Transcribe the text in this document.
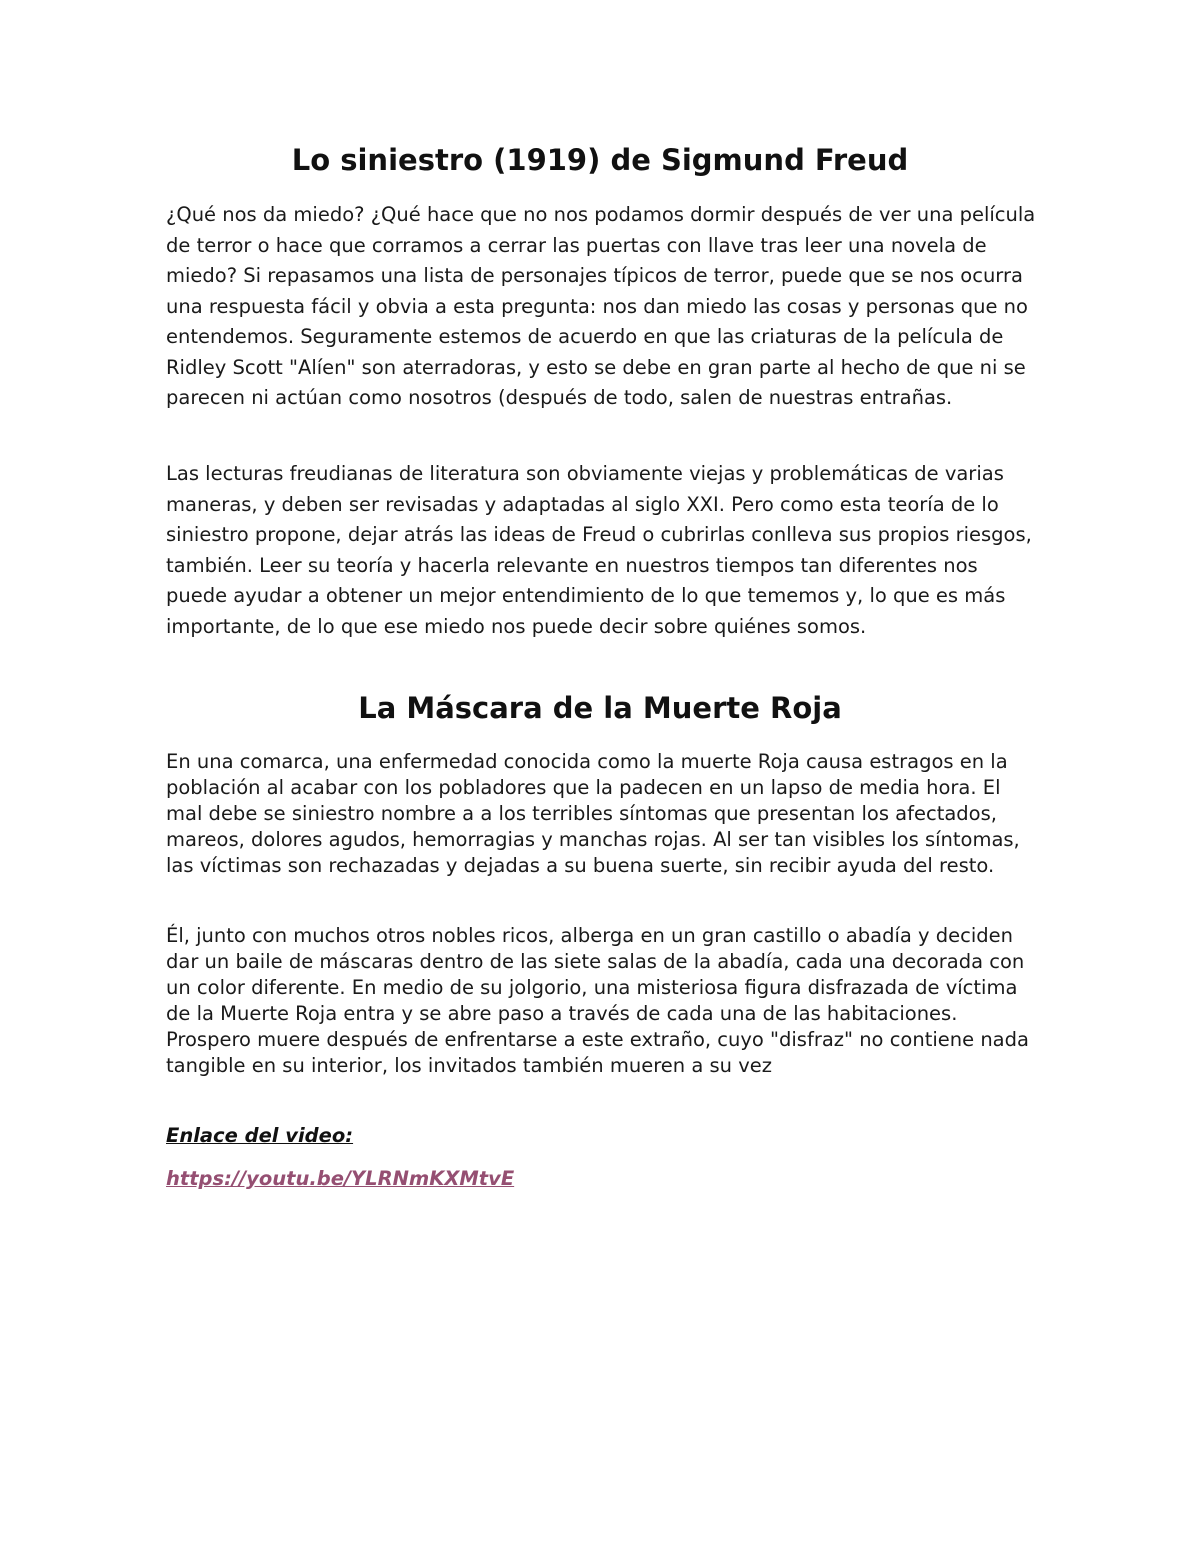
Lo siniestro (1919) de Sigmund Freud

¿Qué nos da miedo? ¿Qué hace que no nos podamos dormir después de ver una película de terror o hace que corramos a cerrar las puertas con llave tras leer una novela de miedo? Si repasamos una lista de personajes típicos de terror, puede que se nos ocurra una respuesta fácil y obvia a esta pregunta: nos dan miedo las cosas y personas que no entendemos. Seguramente estemos de acuerdo en que las criaturas de la película de Ridley Scott "Alíen" son aterradoras, y esto se debe en gran parte al hecho de que ni se parecen ni actúan como nosotros (después de todo, salen de nuestras entrañas.

Las lecturas freudianas de literatura son obviamente viejas y problemáticas de varias maneras, y deben ser revisadas y adaptadas al siglo XXI. Pero como esta teoría de lo siniestro propone, dejar atrás las ideas de Freud o cubrirlas conlleva sus propios riesgos, también. Leer su teoría y hacerla relevante en nuestros tiempos tan diferentes nos puede ayudar a obtener un mejor entendimiento de lo que tememos y, lo que es más importante, de lo que ese miedo nos puede decir sobre quiénes somos.

La Máscara de la Muerte Roja

En una comarca, una enfermedad conocida como la muerte Roja causa estragos en la población al acabar con los pobladores que la padecen en un lapso de media hora. El mal debe se siniestro nombre a a los terribles síntomas que presentan los afectados, mareos, dolores agudos, hemorragias y manchas rojas. Al ser tan visibles los síntomas, las víctimas son rechazadas y dejadas a su buena suerte, sin recibir ayuda del resto.

Él, junto con muchos otros nobles ricos, alberga en un gran castillo o abadía y deciden dar un baile de máscaras dentro de las siete salas de la abadía, cada una decorada con un color diferente. En medio de su jolgorio, una misteriosa figura disfrazada de víctima de la Muerte Roja entra y se abre paso a través de cada una de las habitaciones. Prospero muere después de enfrentarse a este extraño, cuyo "disfraz" no contiene nada tangible en su interior, los invitados también mueren a su vez

Enlace del video:

https://youtu.be/YLRNmKXMtvE
